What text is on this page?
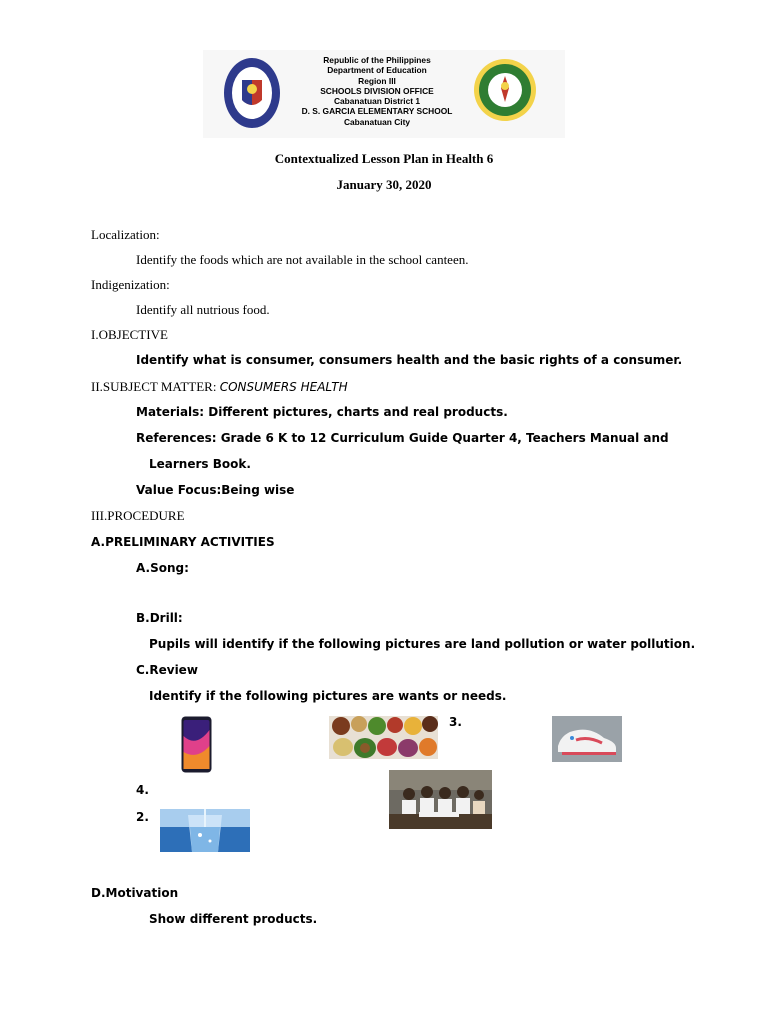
Republic of the Philippines
Department of Education
Region III
SCHOOLS DIVISION OFFICE
Cabanatuan District 1
D. S. GARCIA ELEMENTARY SCHOOL
Cabanatuan City
Contextualized Lesson Plan in Health 6
January 30, 2020
Localization:
Identify the foods which are not available in the school canteen.
Indigenization:
Identify all nutrious food.
I.OBJECTIVE
Identify what is consumer, consumers health and the basic rights of a consumer.
II.SUBJECT MATTER: CONSUMERS HEALTH
Materials: Different pictures, charts and real products.
References: Grade 6 K to 12 Curriculum Guide Quarter 4, Teachers Manual and
Learners Book.
Value Focus:Being wise
III.PROCEDURE
A.PRELIMINARY ACTIVITIES
A.Song:
B.Drill:
Pupils will identify if the following pictures are land pollution or water pollution.
C.Review
Identify if the following pictures are wants or needs.
3.
4.
2.
D.Motivation
Show different products.
